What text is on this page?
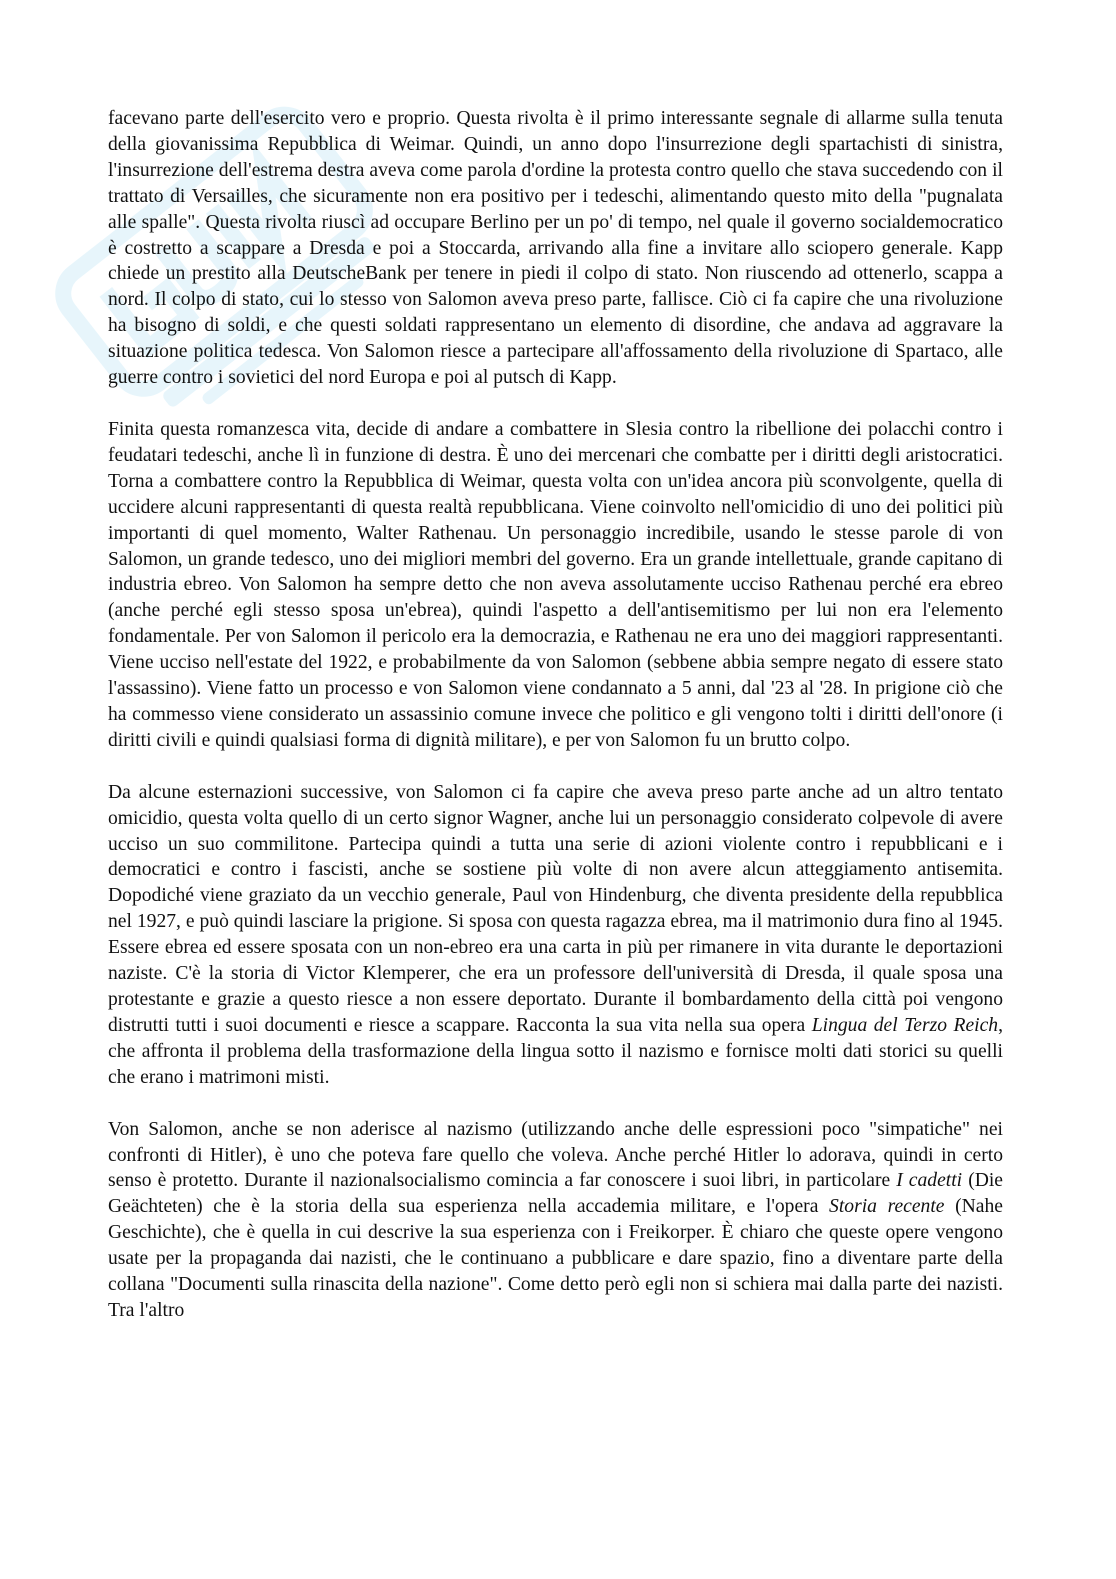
facevano parte dell'esercito vero e proprio. Questa rivolta è il primo interessante segnale di allarme sulla tenuta della giovanissima Repubblica di Weimar. Quindi, un anno dopo l'insurrezione degli spartachisti di sinistra, l'insurrezione dell'estrema destra aveva come parola d'ordine la protesta contro quello che stava succedendo con il trattato di Versailles, che sicuramente non era positivo per i tedeschi, alimentando questo mito della "pugnalata alle spalle". Questa rivolta riuscì ad occupare Berlino per un po' di tempo, nel quale il governo socialdemocratico è costretto a scappare a Dresda e poi a Stoccarda, arrivando alla fine a invitare allo sciopero generale. Kapp chiede un prestito alla DeutscheBank per tenere in piedi il colpo di stato. Non riuscendo ad ottenerlo, scappa a nord. Il colpo di stato, cui lo stesso von Salomon aveva preso parte, fallisce. Ciò ci fa capire che una rivoluzione ha bisogno di soldi, e che questi soldati rappresentano un elemento di disordine, che andava ad aggravare la situazione politica tedesca. Von Salomon riesce a partecipare all'affossamento della rivoluzione di Spartaco, alle guerre contro i sovietici del nord Europa e poi al putsch di Kapp.

Finita questa romanzesca vita, decide di andare a combattere in Slesia contro la ribellione dei polacchi contro i feudatari tedeschi, anche lì in funzione di destra. È uno dei mercenari che combatte per i diritti degli aristocratici. Torna a combattere contro la Repubblica di Weimar, questa volta con un'idea ancora più sconvolgente, quella di uccidere alcuni rappresentanti di questa realtà repubblicana. Viene coinvolto nell'omicidio di uno dei politici più importanti di quel momento, Walter Rathenau. Un personaggio incredibile, usando le stesse parole di von Salomon, un grande tedesco, uno dei migliori membri del governo. Era un grande intellettuale, grande capitano di industria ebreo. Von Salomon ha sempre detto che non aveva assolutamente ucciso Rathenau perché era ebreo (anche perché egli stesso sposa un'ebrea), quindi l'aspetto a dell'antisemitismo per lui non era l'elemento fondamentale. Per von Salomon il pericolo era la democrazia, e Rathenau ne era uno dei maggiori rappresentanti. Viene ucciso nell'estate del 1922, e probabilmente da von Salomon (sebbene abbia sempre negato di essere stato l'assassino). Viene fatto un processo e von Salomon viene condannato a 5 anni, dal '23 al '28. In prigione ciò che ha commesso viene considerato un assassinio comune invece che politico e gli vengono tolti i diritti dell'onore (i diritti civili e quindi qualsiasi forma di dignità militare), e per von Salomon fu un brutto colpo.

Da alcune esternazioni successive, von Salomon ci fa capire che aveva preso parte anche ad un altro tentato omicidio, questa volta quello di un certo signor Wagner, anche lui un personaggio considerato colpevole di avere ucciso un suo commilitone. Partecipa quindi a tutta una serie di azioni violente contro i repubblicani e i democratici e contro i fascisti, anche se sostiene più volte di non avere alcun atteggiamento antisemita. Dopodiché viene graziato da un vecchio generale, Paul von Hindenburg, che diventa presidente della repubblica nel 1927, e può quindi lasciare la prigione. Si sposa con questa ragazza ebrea, ma il matrimonio dura fino al 1945. Essere ebrea ed essere sposata con un non-ebreo era una carta in più per rimanere in vita durante le deportazioni naziste. C'è la storia di Victor Klemperer, che era un professore dell'università di Dresda, il quale sposa una protestante e grazie a questo riesce a non essere deportato. Durante il bombardamento della città poi vengono distrutti tutti i suoi documenti e riesce a scappare. Racconta la sua vita nella sua opera Lingua del Terzo Reich, che affronta il problema della trasformazione della lingua sotto il nazismo e fornisce molti dati storici su quelli che erano i matrimoni misti.

Von Salomon, anche se non aderisce al nazismo (utilizzando anche delle espressioni poco "simpatiche" nei confronti di Hitler), è uno che poteva fare quello che voleva. Anche perché Hitler lo adorava, quindi in certo senso è protetto. Durante il nazionalsocialismo comincia a far conoscere i suoi libri, in particolare I cadetti (Die Geächteten) che è la storia della sua esperienza nella accademia militare, e l'opera Storia recente (Nahe Geschichte), che è quella in cui descrive la sua esperienza con i Freikorper. È chiaro che queste opere vengono usate per la propaganda dai nazisti, che le continuano a pubblicare e dare spazio, fino a diventare parte della collana "Documenti sulla rinascita della nazione". Come detto però egli non si schiera mai dalla parte dei nazisti. Tra l'altro
